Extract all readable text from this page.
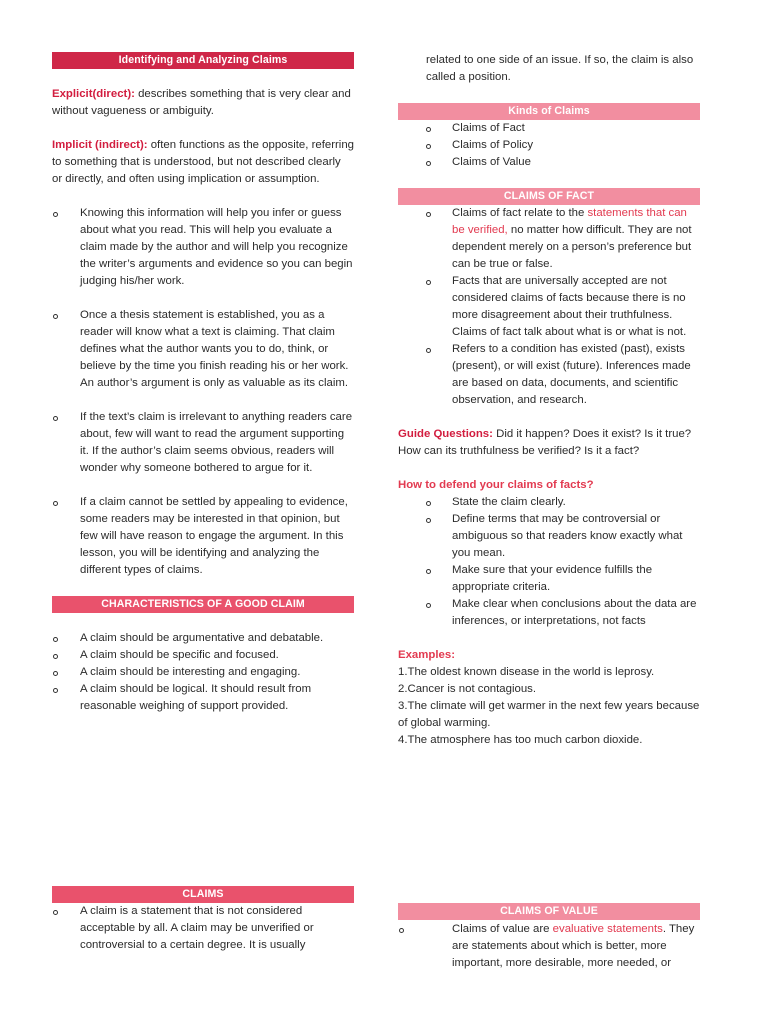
Identifying and Analyzing Claims

Explicit(direct): describes something that is very clear and without vagueness or ambiguity.

Implicit (indirect): often functions as the opposite, referring to something that is understood, but not described clearly or directly, and often using implication or assumption.

Knowing this information will help you infer or guess about what you read. This will help you evaluate a claim made by the author and will help you recognize the writer’s arguments and evidence so you can begin judging his/her work.
Once a thesis statement is established, you as a reader will know what a text is claiming. That claim defines what the author wants you to do, think, or believe by the time you finish reading his or her work. An author’s argument is only as valuable as its claim.
If the text’s claim is irrelevant to anything readers care about, few will want to read the argument supporting it. If the author’s claim seems obvious, readers will wonder why someone bothered to argue for it.
If a claim cannot be settled by appealing to evidence, some readers may be interested in that opinion, but few will have reason to engage the argument. In this lesson, you will be identifying and analyzing the different types of claims.
CHARACTERISTICS OF A GOOD CLAIM
A claim should be argumentative and debatable.
A claim should be specific and focused.
A claim should be interesting and engaging.
A claim should be logical. It should result from reasonable weighing of support provided.
CLAIMS
A claim is a statement that is not considered acceptable by all. A claim may be unverified or controversial to a certain degree. It is usually

related to one side of an issue. If so, the claim is also called a position.

Kinds of Claims
Claims of Fact
Claims of Policy
Claims of Value
CLAIMS OF FACT
Claims of fact relate to the statements that can be verified, no matter how difficult. They are not dependent merely on a person’s preference but can be true or false.
Facts that are universally accepted are not considered claims of facts because there is no more disagreement about their truthfulness. Claims of fact talk about what is or what is not.
Refers to a condition has existed (past), exists (present), or will exist (future). Inferences made are based on data, documents, and scientific observation, and research.

Guide Questions: Did it happen? Does it exist? Is it true? How can its truthfulness be verified? Is it a fact?

How to defend your claims of facts?

State the claim clearly.
Define terms that may be controversial or ambiguous so that readers know exactly what you mean.
Make sure that your evidence fulfills the appropriate criteria.
Make clear when conclusions about the data are inferences, or interpretations, not facts

Examples:

1.The oldest known disease in the world is leprosy.

2.Cancer is not contagious.

3.The climate will get warmer in the next few years because of global warming.

4.The atmosphere has too much carbon dioxide.

CLAIMS OF VALUE
Claims of value are evaluative statements. They are statements about which is better, more important, more desirable, more needed, or
